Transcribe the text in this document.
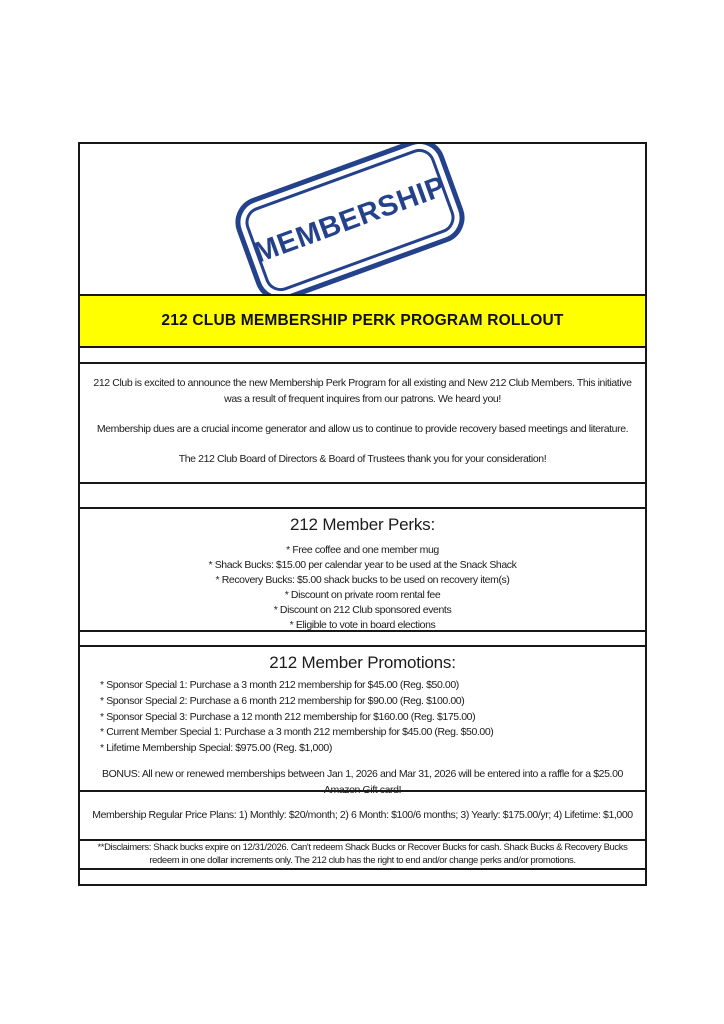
MEMBERSHIP
212 CLUB MEMBERSHIP PERK PROGRAM ROLLOUT

212 Club is excited to announce the new Membership Perk Program for all existing and New 212 Club Members. This initiative was a result of frequent inquires from our patrons. We heard you!

Membership dues are a crucial income generator and allow us to continue to provide recovery based meetings and literature.

The 212 Club Board of Directors & Board of Trustees thank you for your consideration!

212 Member Perks:
* Free coffee and one member mug
* Shack Bucks: $15.00 per calendar year to be used at the Snack Shack
* Recovery Bucks: $5.00 shack bucks to be used on recovery item(s)
* Discount on private room rental fee
* Discount on 212 Club sponsored events
* Eligible to vote in board elections
212 Member Promotions:
* Sponsor Special 1: Purchase a 3 month 212 membership for $45.00 (Reg. $50.00)
* Sponsor Special 2: Purchase a 6 month 212 membership for $90.00 (Reg. $100.00)
* Sponsor Special 3: Purchase a 12 month 212 membership for $160.00 (Reg. $175.00)
* Current Member Special 1: Purchase a 3 month 212 membership for $45.00 (Reg. $50.00)
* Lifetime Membership Special: $975.00 (Reg. $1,000)

BONUS: All new or renewed memberships between Jan 1, 2026 and Mar 31, 2026 will be entered into a raffle for a $25.00 Amazon Gift card!

Membership Regular Price Plans: 1) Monthly: $20/month; 2) 6 Month: $100/6 months; 3) Yearly: $175.00/yr; 4) Lifetime: $1,000

**Disclaimers: Shack bucks expire on 12/31/2026. Can't redeem Shack Bucks or Recover Bucks for cash. Shack Bucks & Recovery Bucks redeem in one dollar increments only. The 212 club has the right to end and/or change perks and/or promotions.
